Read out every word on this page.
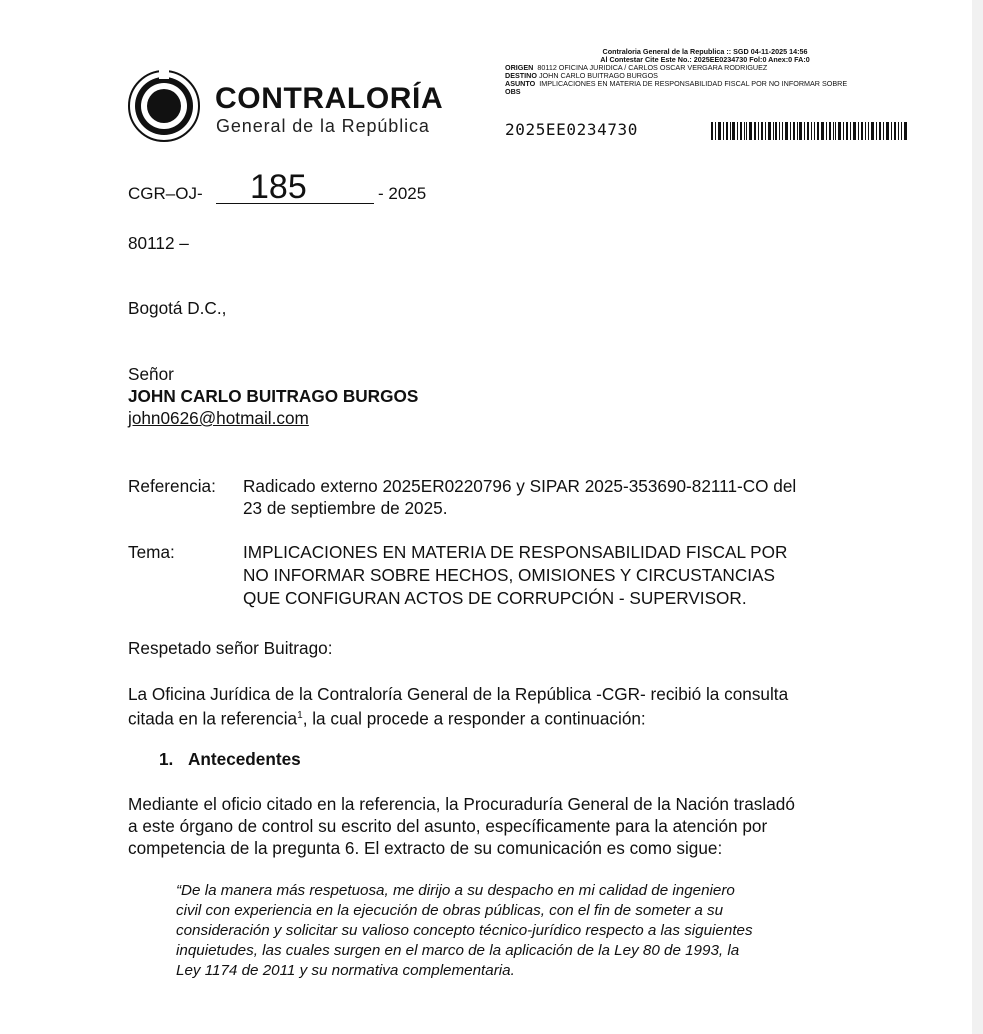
CONTRALORÍA
General de la República
Contraloria General de la Republica :: SGD 04-11-2025 14:56
Al Contestar Cite Este No.: 2025EE0234730 Fol:0 Anex:0 FA:0
ORIGEN 80112 OFICINA JURIDICA / CARLOS OSCAR VERGARA RODRIGUEZ
DESTINO JOHN CARLO BUITRAGO BURGOS
ASUNTO IMPLICACIONES EN MATERIA DE RESPONSABILIDAD FISCAL POR NO INFORMAR SOBRE
OBS
2025EE0234730
CGR–OJ- 185	- 2025
80112 –
Bogotá D.C.,
Señor
JOHN CARLO BUITRAGO BURGOS
john0626@hotmail.com
Referencia: Radicado externo 2025ER0220796 y SIPAR 2025-353690-82111-CO del
23 de septiembre de 2025.
Tema:	IMPLICACIONES EN MATERIA DE RESPONSABILIDAD FISCAL POR
NO INFORMAR SOBRE HECHOS, OMISIONES Y CIRCUSTANCIAS
QUE CONFIGURAN ACTOS DE CORRUPCIÓN - SUPERVISOR.
Respetado señor Buitrago:
La Oficina Jurídica de la Contraloría General de la República -CGR- recibió la consulta
citada en la referencia$^1$, la cual procede a responder a continuación:
1. Antecedentes
Mediante el oficio citado en la referencia, la Procuraduría General de la Nación trasladó
a este órgano de control su escrito del asunto, específicamente para la atención por
competencia de la pregunta 6. El extracto de su comunicación es como sigue:
“De la manera más respetuosa, me dirijo a su despacho en mi calidad de ingeniero
civil con experiencia en la ejecución de obras públicas, con el fin de someter a su
consideración y solicitar su valioso concepto técnico-jurídico respecto a las siguientes
inquietudes, las cuales surgen en el marco de la aplicación de la Ley 80 de 1993, la
Ley 1174 de 2011 y su normativa complementaria.
